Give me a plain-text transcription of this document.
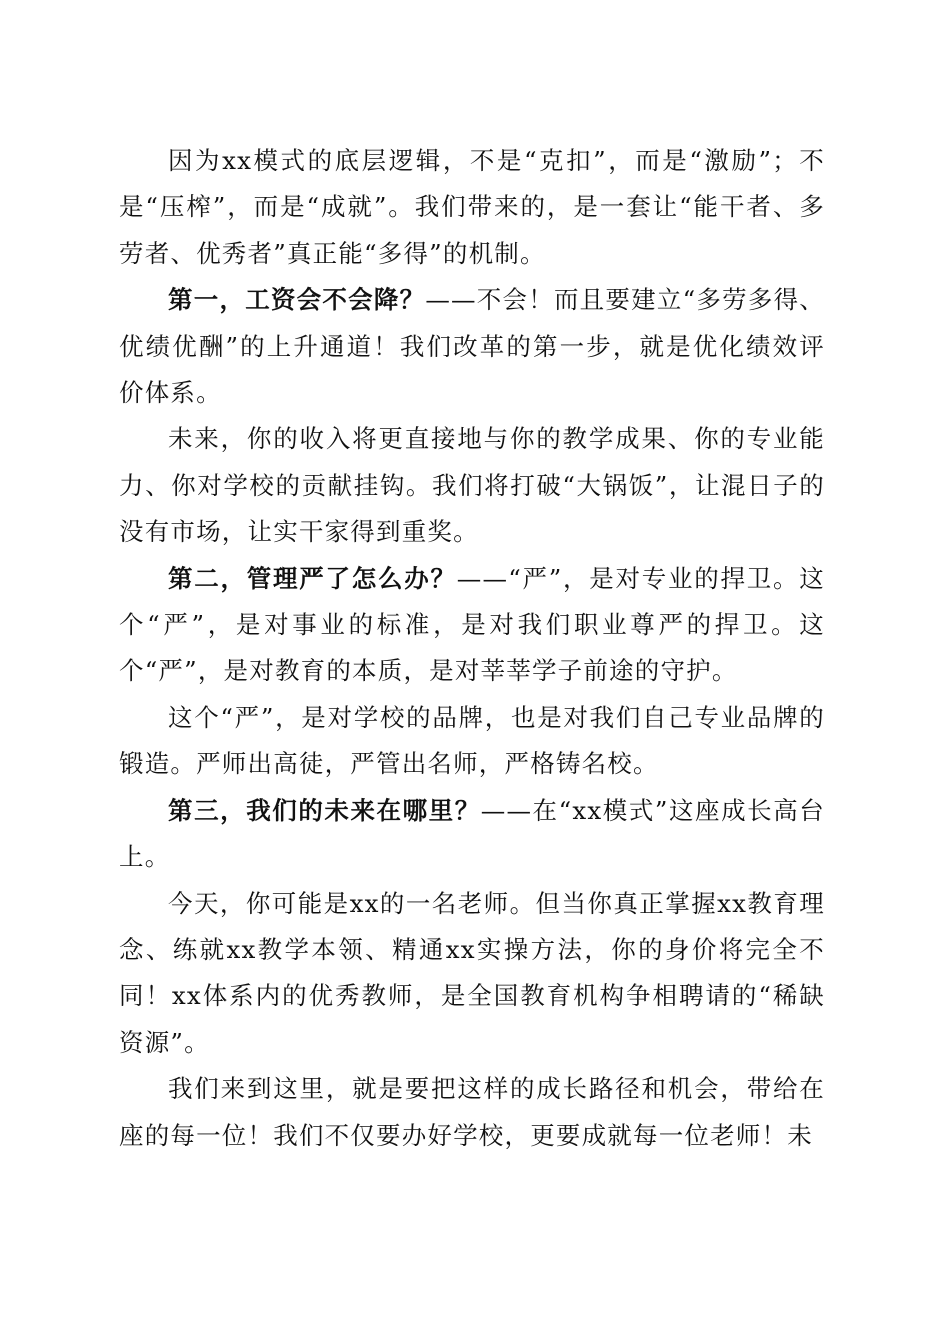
因为xx模式的底层逻辑，不是“克扣”，而是“激励”；不是“压榨”，而是“成就”。我们带来的，是一套让“能干者、多劳者、优秀者”真正能“多得”的机制。

第一，工资会不会降？——不会！而且要建立“多劳多得、优绩优酬”的上升通道！我们改革的第一步，就是优化绩效评价体系。

未来，你的收入将更直接地与你的教学成果、你的专业能力、你对学校的贡献挂钩。我们将打破“大锅饭”，让混日子的没有市场，让实干家得到重奖。

第二，管理严了怎么办？——“严”，是对专业的捍卫。这个“严”，是对事业的标准，是对我们职业尊严的捍卫。这个“严”，是对教育的本质，是对莘莘学子前途的守护。

这个“严”，是对学校的品牌，也是对我们自己专业品牌的锻造。严师出高徒，严管出名师，严格铸名校。

第三，我们的未来在哪里？——在“xx模式”这座成长高台上。

今天，你可能是xx的一名老师。但当你真正掌握xx教育理念、练就xx教学本领、精通xx实操方法，你的身价将完全不同！xx体系内的优秀教师，是全国教育机构争相聘请的“稀缺资源”。

我们来到这里，就是要把这样的成长路径和机会，带给在座的每一位！我们不仅要办好学校，更要成就每一位老师！未
